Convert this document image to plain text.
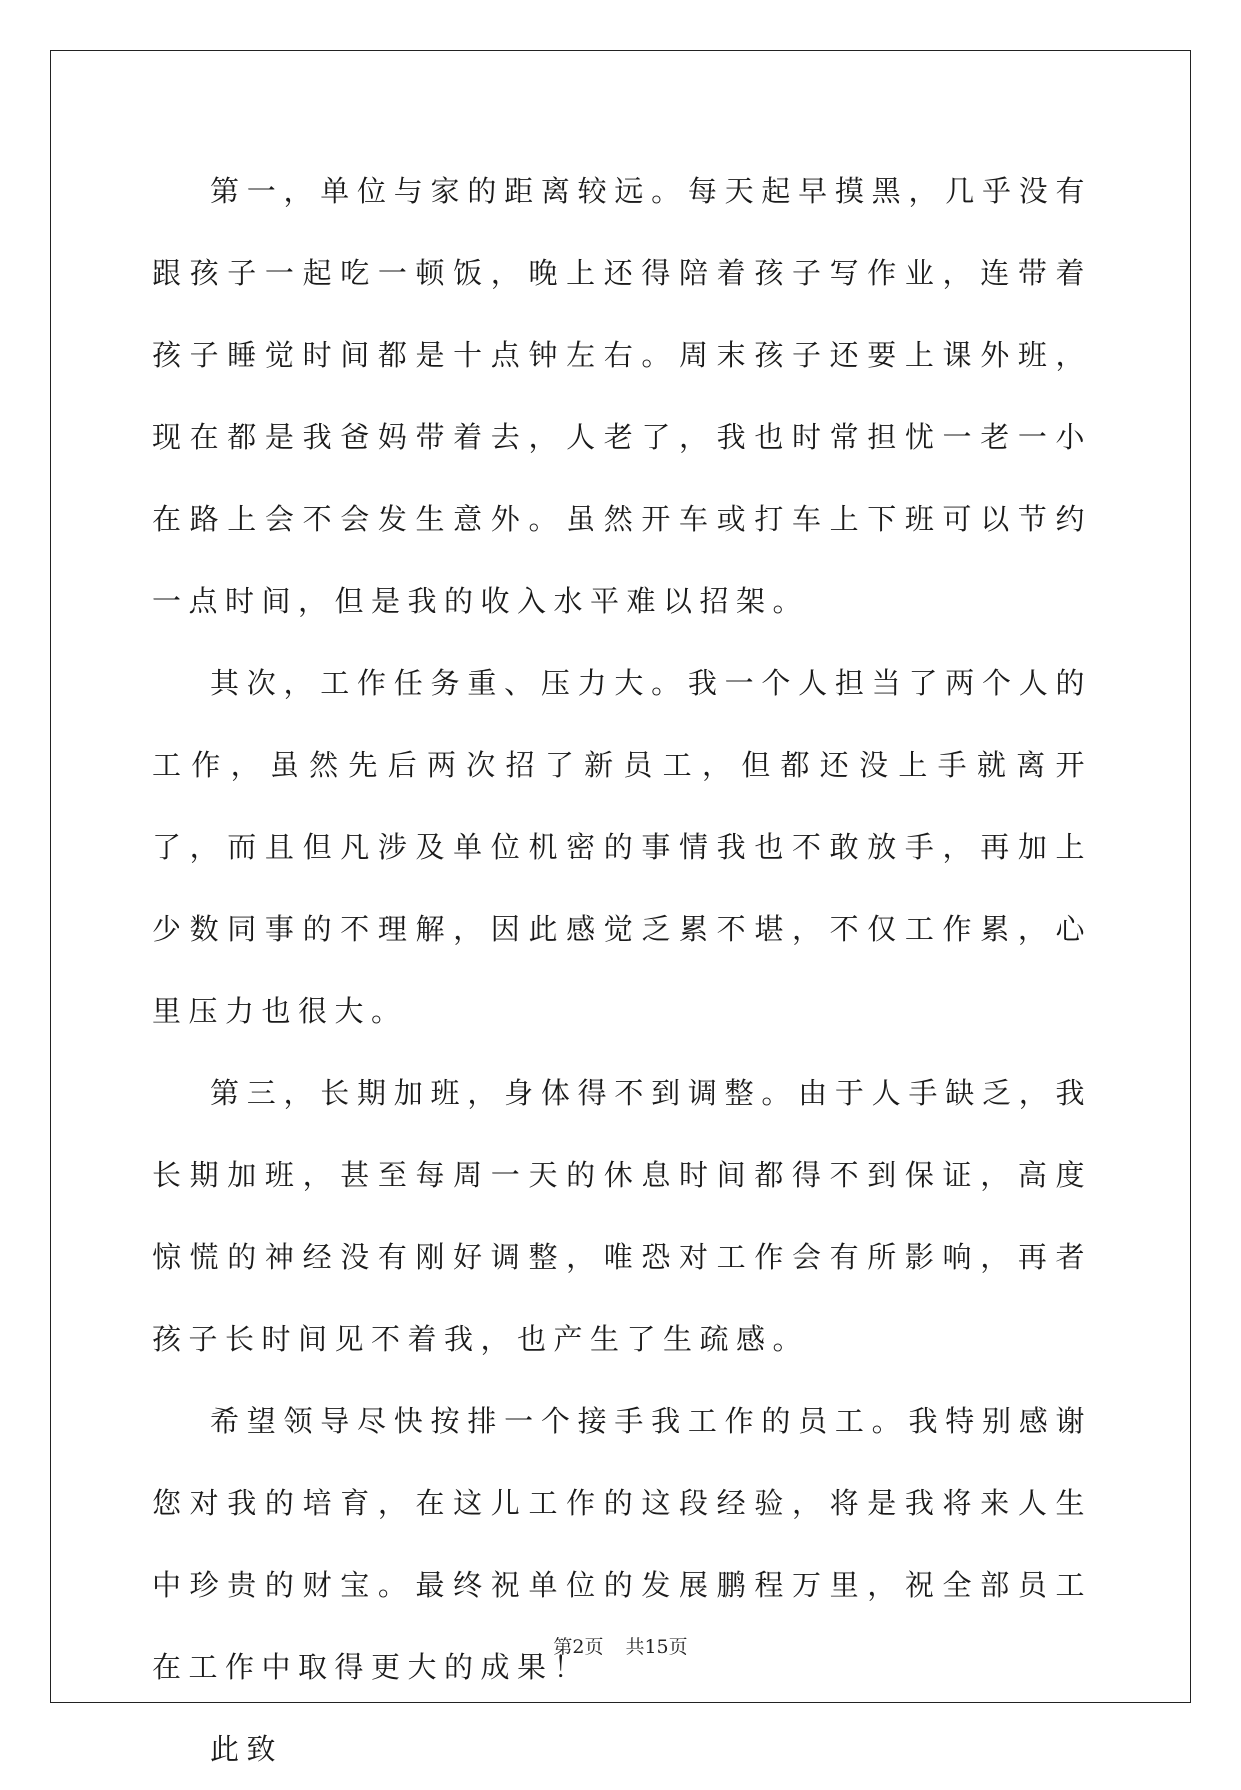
第一，单位与家的距离较远。每天起早摸黑，几乎没有跟孩子一起吃一顿饭，晚上还得陪着孩子写作业，连带着孩子睡觉时间都是十点钟左右。周末孩子还要上课外班，现在都是我爸妈带着去，人老了，我也时常担忧一老一小在路上会不会发生意外。虽然开车或打车上下班可以节约一点时间，但是我的收入水平难以招架。

其次，工作任务重、压力大。我一个人担当了两个人的工作，虽然先后两次招了新员工，但都还没上手就离开了，而且但凡涉及单位机密的事情我也不敢放手，再加上少数同事的不理解，因此感觉乏累不堪，不仅工作累，心里压力也很大。

第三，长期加班，身体得不到调整。由于人手缺乏，我长期加班，甚至每周一天的休息时间都得不到保证，高度惊慌的神经没有刚好调整，唯恐对工作会有所影响，再者孩子长时间见不着我，也产生了生疏感。

希望领导尽快按排一个接手我工作的员工。我特别感谢您对我的培育，在这儿工作的这段经验，将是我将来人生中珍贵的财宝。最终祝单位的发展鹏程万里，祝全部员工在工作中取得更大的成果！

此致

第2页 共15页
